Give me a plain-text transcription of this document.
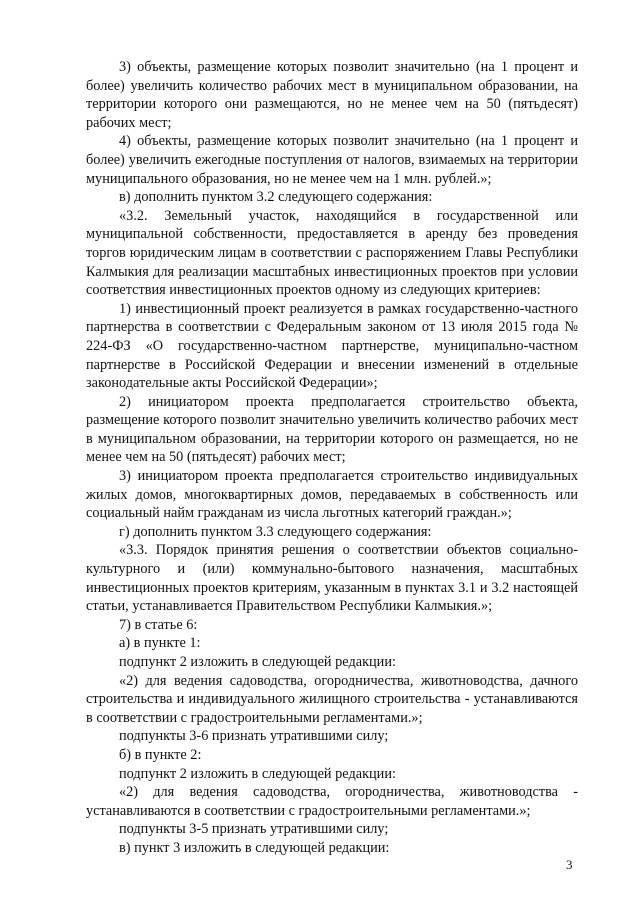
3) объекты, размещение которых позволит значительно (на 1 процент и более) увеличить количество рабочих мест в муниципальном образовании, на территории которого они размещаются, но не менее чем на 50 (пятьдесят) рабочих мест;

4) объекты, размещение которых позволит значительно (на 1 процент и более) увеличить ежегодные поступления от налогов, взимаемых на территории муниципального образования, но не менее чем на 1 млн. рублей.»;

в) дополнить пунктом 3.2 следующего содержания:

«3.2. Земельный участок, находящийся в государственной или муниципальной собственности, предоставляется в аренду без проведения торгов юридическим лицам в соответствии с распоряжением Главы Республики Калмыкия для реализации масштабных инвестиционных проектов при условии соответствия инвестиционных проектов одному из следующих критериев:

1) инвестиционный проект реализуется в рамках государственно-частного партнерства в соответствии с Федеральным законом от 13 июля 2015 года № 224-ФЗ «О государственно-частном партнерстве, муниципально-частном партнерстве в Российской Федерации и внесении изменений в отдельные законодательные акты Российской Федерации»;

2) инициатором проекта предполагается строительство объекта, размещение которого позволит значительно увеличить количество рабочих мест в муниципальном образовании, на территории которого он размещается, но не менее чем на 50 (пятьдесят) рабочих мест;

3) инициатором проекта предполагается строительство индивидуальных жилых домов, многоквартирных домов, передаваемых в собственность или социальный найм гражданам из числа льготных категорий граждан.»;

г) дополнить пунктом 3.3 следующего содержания:

«3.3. Порядок принятия решения о соответствии объектов социально-культурного и (или) коммунально-бытового назначения, масштабных инвестиционных проектов критериям, указанным в пунктах 3.1 и 3.2 настоящей статьи, устанавливается Правительством Республики Калмыкия.»;

7) в статье 6:

а) в пункте 1:

подпункт 2 изложить в следующей редакции:

«2) для ведения садоводства, огородничества, животноводства, дачного строительства и индивидуального жилищного строительства - устанавливаются в соответствии с градостроительными регламентами.»;

подпункты 3-6 признать утратившими силу;

б) в пункте 2:

подпункт 2 изложить в следующей редакции:

«2) для ведения садоводства, огородничества, животноводства - устанавливаются в соответствии с градостроительными регламентами.»;

подпункты 3-5 признать утратившими силу;

в) пункт 3 изложить в следующей редакции:

3
